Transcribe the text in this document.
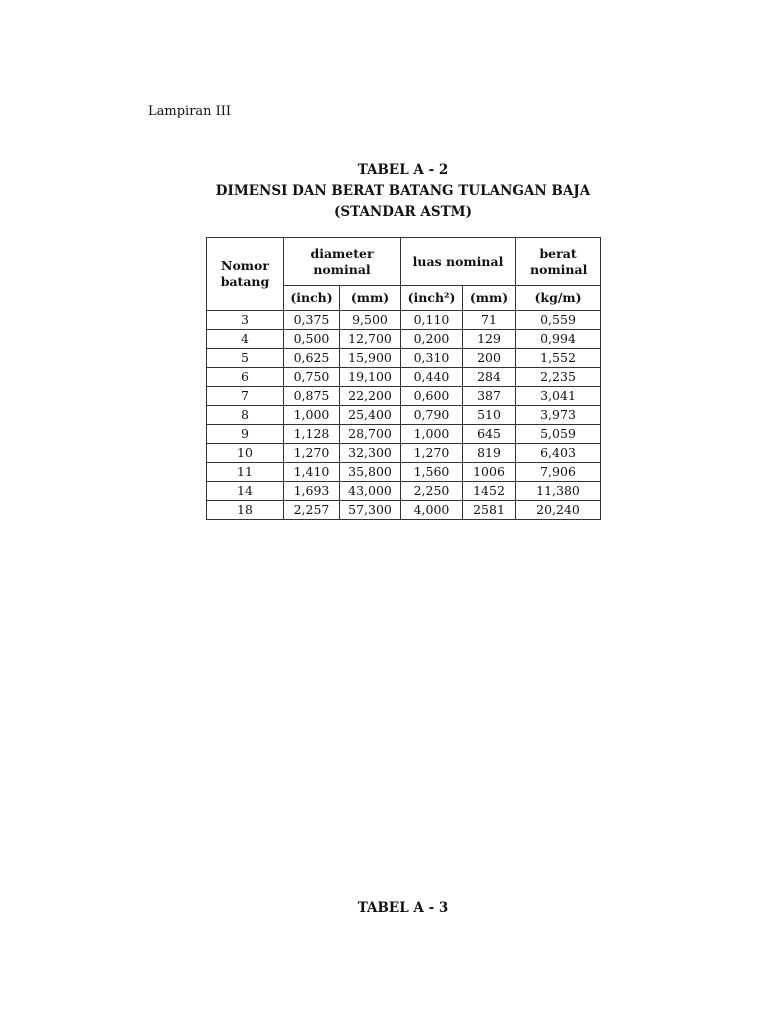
Lampiran III
TABEL A - 2
DIMENSI DAN BERAT BATANG TULANGAN BAJA
(STANDAR ASTM)
Nomor batang	diameter nominal		luas nominal		berat nominal
	(inch)	(mm)	(inch²)	(mm)	(kg/m)
3	0,375	9,500	0,110	71	0,559
4	0,500	12,700	0,200	129	0,994
5	0,625	15,900	0,310	200	1,552
6	0,750	19,100	0,440	284	2,235
7	0,875	22,200	0,600	387	3,041
8	1,000	25,400	0,790	510	3,973
9	1,128	28,700	1,000	645	5,059
10	1,270	32,300	1,270	819	6,403
11	1,410	35,800	1,560	1006	7,906
14	1,693	43,000	2,250	1452	11,380
18	2,257	57,300	4,000	2581	20,240
TABEL A - 3
